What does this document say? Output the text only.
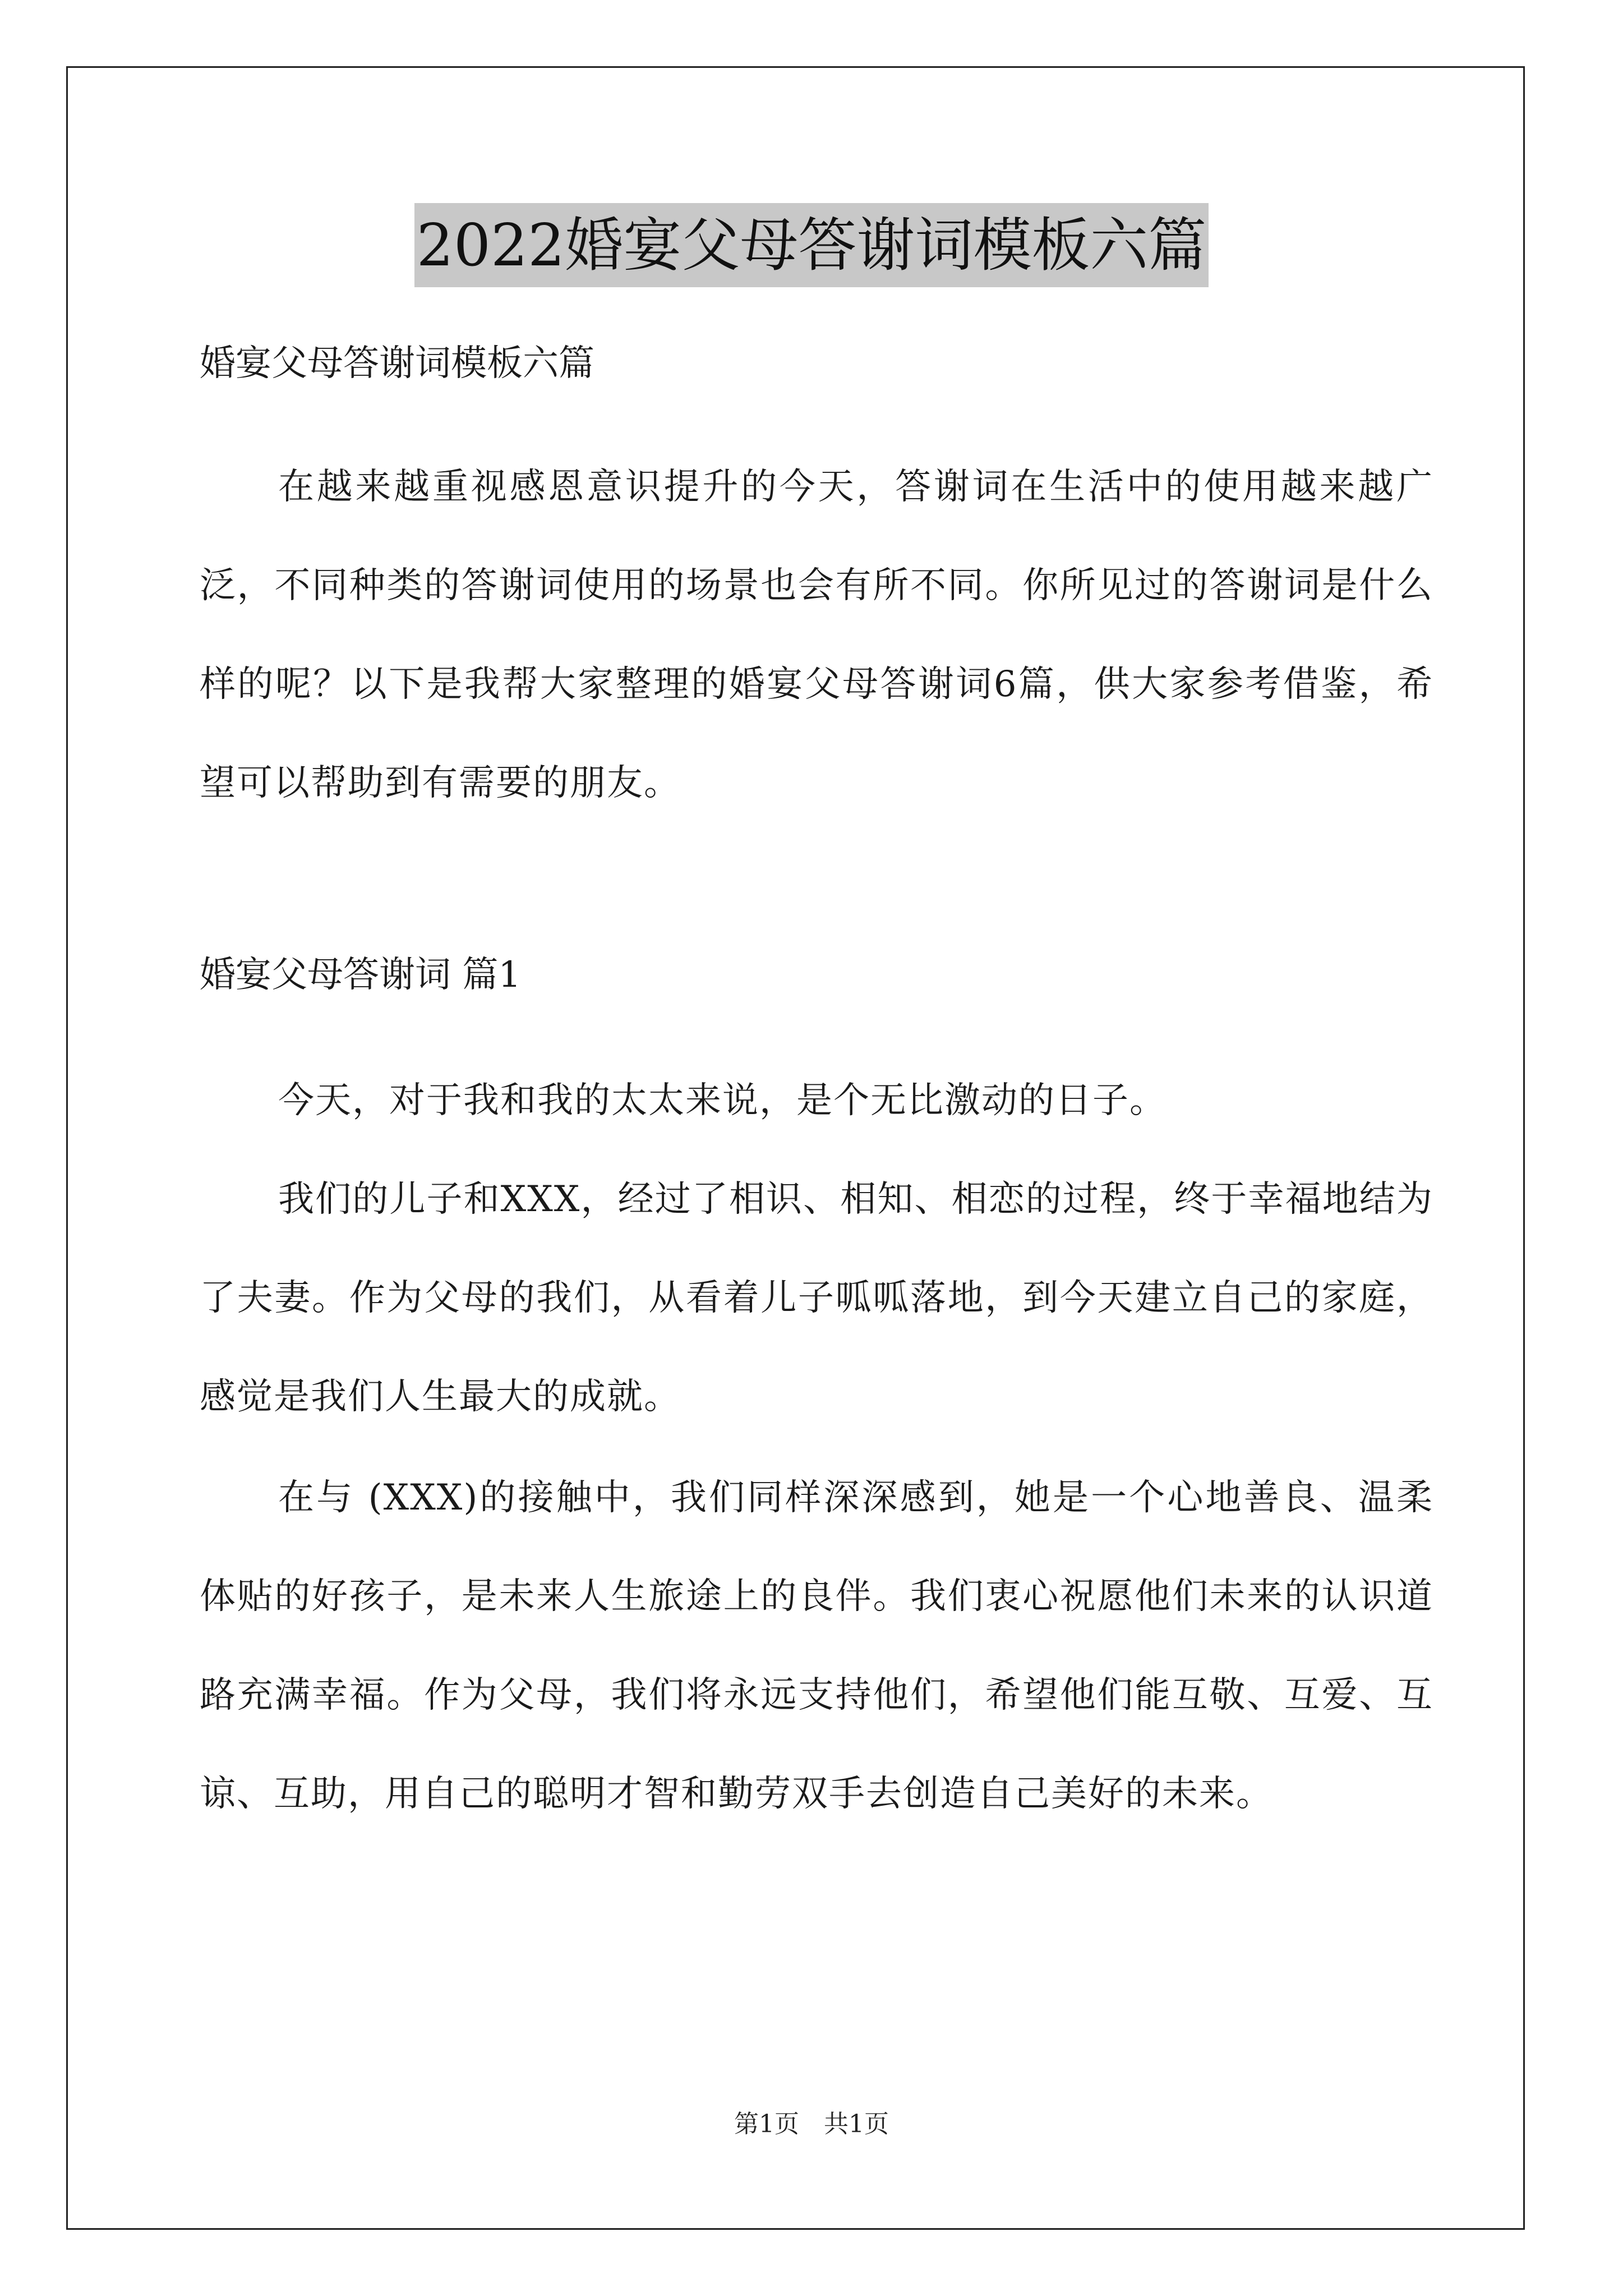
2022婚宴父母答谢词模板六篇
婚宴父母答谢词模板六篇
在越来越重视感恩意识提升的今天，答谢词在生活中的使用越来越广泛，不同种类的答谢词使用的场景也会有所不同。你所见过的答谢词是什么样的呢？以下是我帮大家整理的婚宴父母答谢词6篇，供大家参考借鉴，希望可以帮助到有需要的朋友。
婚宴父母答谢词 篇1
今天，对于我和我的太太来说，是个无比激动的日子。
我们的儿子和XXX，经过了相识、相知、相恋的过程，终于幸福地结为了夫妻。作为父母的我们，从看着儿子呱呱落地，到今天建立自己的家庭，感觉是我们人生最大的成就。
在与 (XXX)的接触中，我们同样深深感到，她是一个心地善良、温柔体贴的好孩子，是未来人生旅途上的良伴。我们衷心祝愿他们未来的认识道路充满幸福。作为父母，我们将永远支持他们，希望他们能互敬、互爱、互谅、互助，用自己的聪明才智和勤劳双手去创造自己美好的未来。
第1页　共1页
